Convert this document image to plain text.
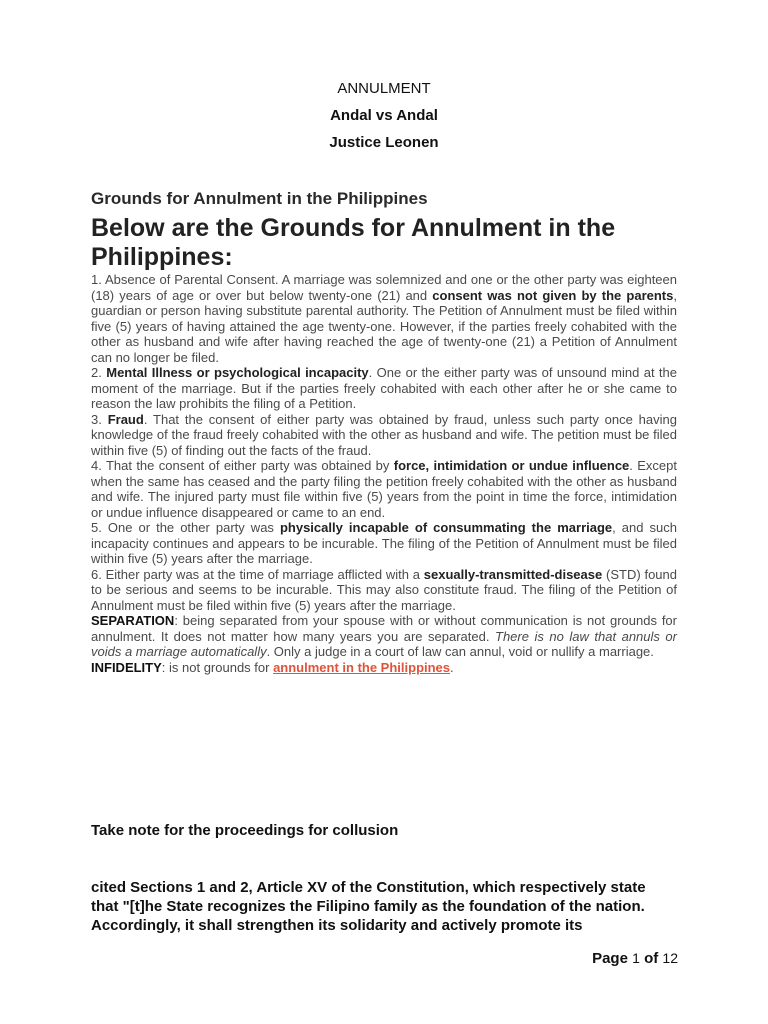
ANNULMENT
Andal vs Andal
Justice Leonen
Grounds for Annulment in the Philippines
Below are the Grounds for Annulment in the Philippines:

1. Absence of Parental Consent. A marriage was solemnized and one or the other party was eighteen (18) years of age or over but below twenty-one (21) and consent was not given by the parents, guardian or person having substitute parental authority. The Petition of Annulment must be filed within five (5) years of having attained the age twenty-one. However, if the parties freely cohabited with the other as husband and wife after having reached the age of twenty-one (21) a Petition of Annulment can no longer be filed.

2. Mental Illness or psychological incapacity. One or the either party was of unsound mind at the moment of the marriage. But if the parties freely cohabited with each other after he or she came to reason the law prohibits the filing of a Petition.

3. Fraud. That the consent of either party was obtained by fraud, unless such party once having knowledge of the fraud freely cohabited with the other as husband and wife. The petition must be filed within five (5) of finding out the facts of the fraud.

4. That the consent of either party was obtained by force, intimidation or undue influence. Except when the same has ceased and the party filing the petition freely cohabited with the other as husband and wife. The injured party must file within five (5) years from the point in time the force, intimidation or undue influence disappeared or came to an end.

5. One or the other party was physically incapable of consummating the marriage, and such incapacity continues and appears to be incurable. The filing of the Petition of Annulment must be filed within five (5) years after the marriage.

6. Either party was at the time of marriage afflicted with a sexually-transmitted-disease (STD) found to be serious and seems to be incurable. This may also constitute fraud. The filing of the Petition of Annulment must be filed within five (5) years after the marriage.

SEPARATION: being separated from your spouse with or without communication is not grounds for annulment. It does not matter how many years you are separated. There is no law that annuls or voids a marriage automatically. Only a judge in a court of law can annul, void or nullify a marriage.

INFIDELITY: is not grounds for annulment in the Philippines.

Take note for the proceedings for collusion
cited Sections 1 and 2, Article XV of the Constitution, which respectively state that "[t]he State recognizes the Filipino family as the foundation of the nation. Accordingly, it shall strengthen its solidarity and actively promote its
Page 1 of 12
